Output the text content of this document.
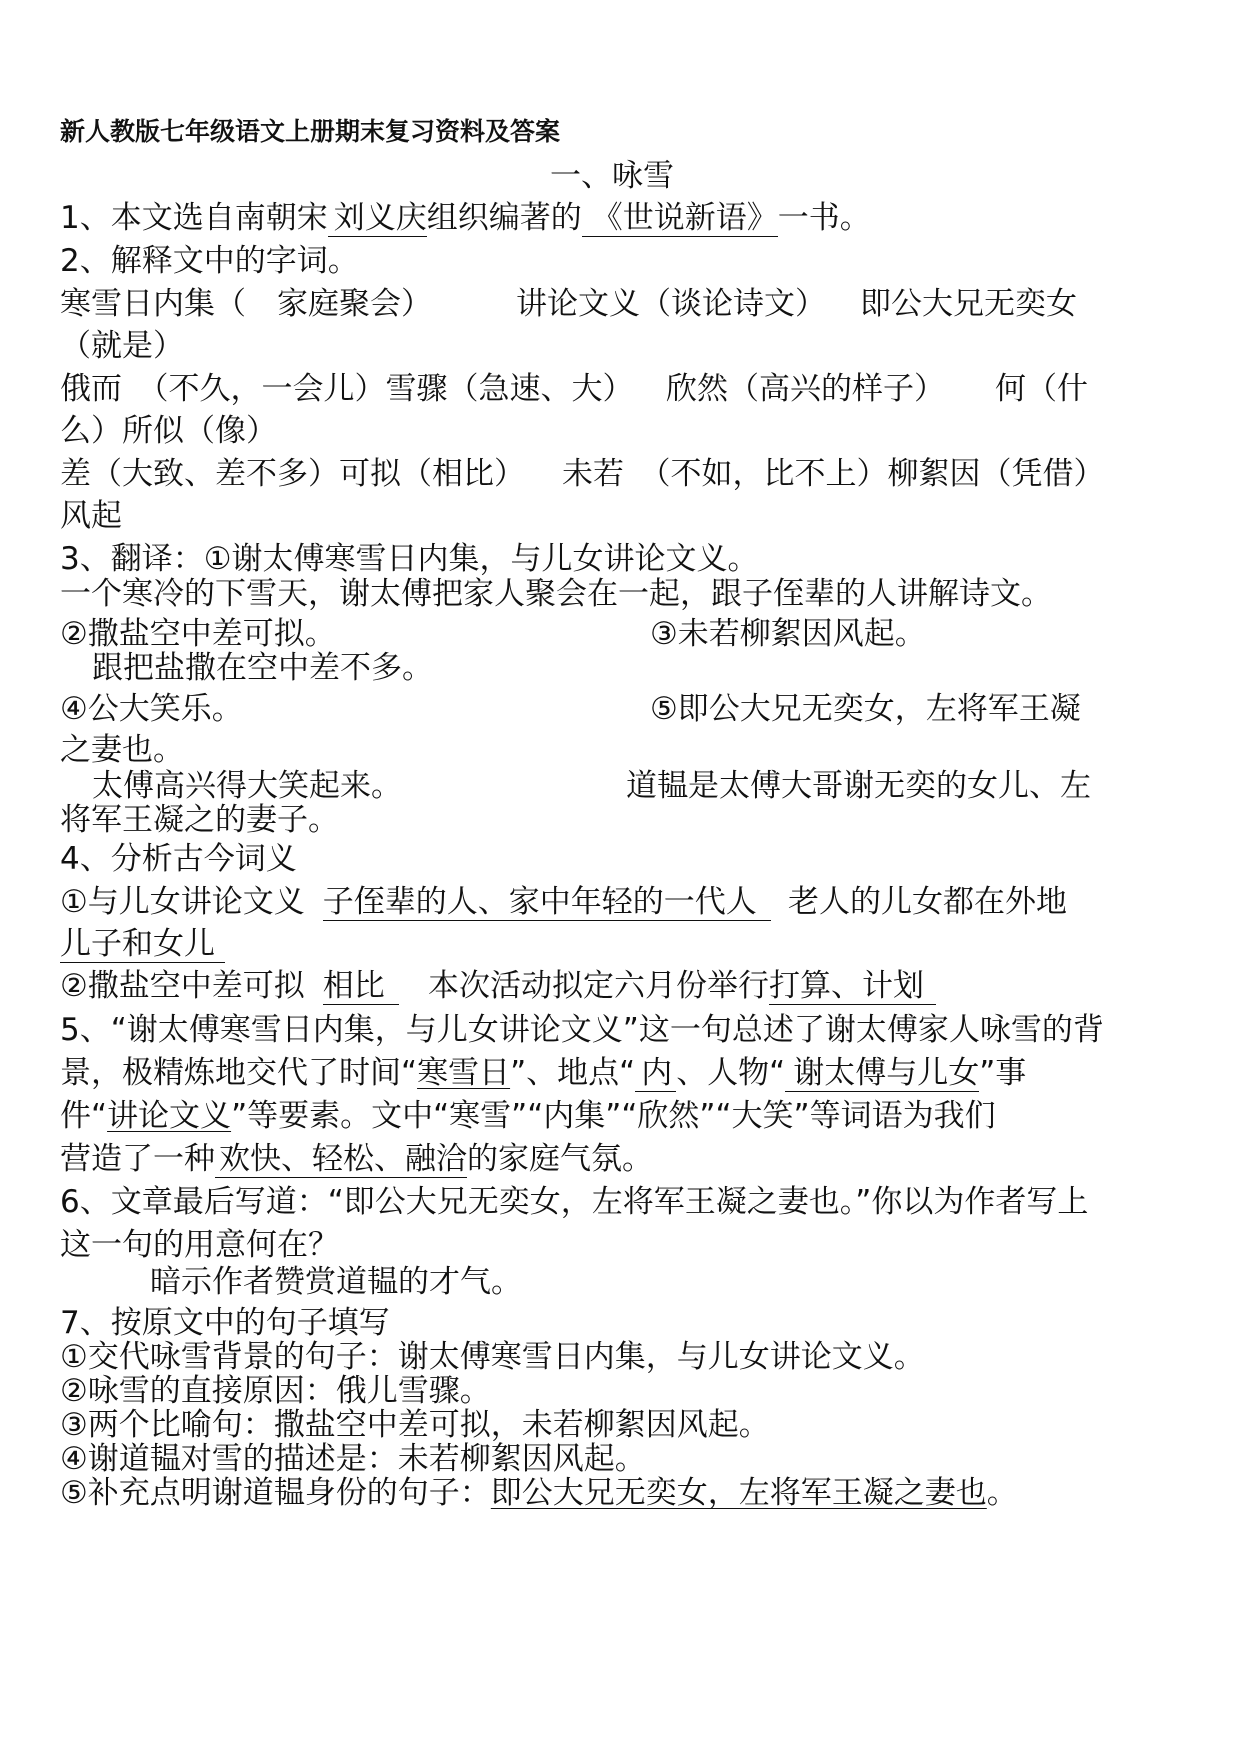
新人教版七年级语文上册期末复习资料及答案
一、咏雪
1、本文选自南朝宋 刘义庆组织编著的 《世说新语》一书。
2、解释文中的字词。
寒雪日内集（　家庭聚会）	讲论文义（谈论诗文） 即公大兄无奕女
（就是）
俄而　（不久，一会儿）雪骤（急速、大） 欣然（高兴的样子） 何（什
么）所似（像）
差（大致、差不多）可拟（相比） 未若　（不如，比不上）柳絮因（凭借）
风起
3、翻译：①谢太傅寒雪日内集，与儿女讲论文义。
一个寒冷的下雪天，谢太傅把家人聚会在一起，跟子侄辈的人讲解诗文。
②撒盐空中差可拟。	③未若柳絮因风起。
跟把盐撒在空中差不多。
④公大笑乐。	⑤即公大兄无奕女，左将军王凝
之妻也。
太傅高兴得大笑起来。	道韫是太傅大哥谢无奕的女儿、左
将军王凝之的妻子。
4、分析古今词义
①与儿女讲论文义 子侄辈的人、家中年轻的一代人	老人的儿女都在外地
儿子和女儿
②撒盐空中差可拟 相比	本次活动拟定六月份举行打算、计划
5、“谢太傅寒雪日内集，与儿女讲论文义”这一句总述了谢太傅家人咏雪的背
景，极精炼地交代了时间“寒雪日”、地点“ 内 、人物“ 谢太傅与儿女”事
件“讲论文义”等要素。文中“寒雪”“内集”“欣然”“大笑”等词语为我们
营造了一种 欢快、轻松、融洽的家庭气氛。
6、文章最后写道：“即公大兄无奕女，左将军王凝之妻也。”你以为作者写上
这一句的用意何在？
暗示作者赞赏道韫的才气。
7、按原文中的句子填写
①交代咏雪背景的句子：谢太傅寒雪日内集，与儿女讲论文义。
②咏雪的直接原因：俄儿雪骤。
③两个比喻句：撒盐空中差可拟，未若柳絮因风起。
④谢道韫对雪的描述是：未若柳絮因风起。
⑤补充点明谢道韫身份的句子：即公大兄无奕女，左将军王凝之妻也。
